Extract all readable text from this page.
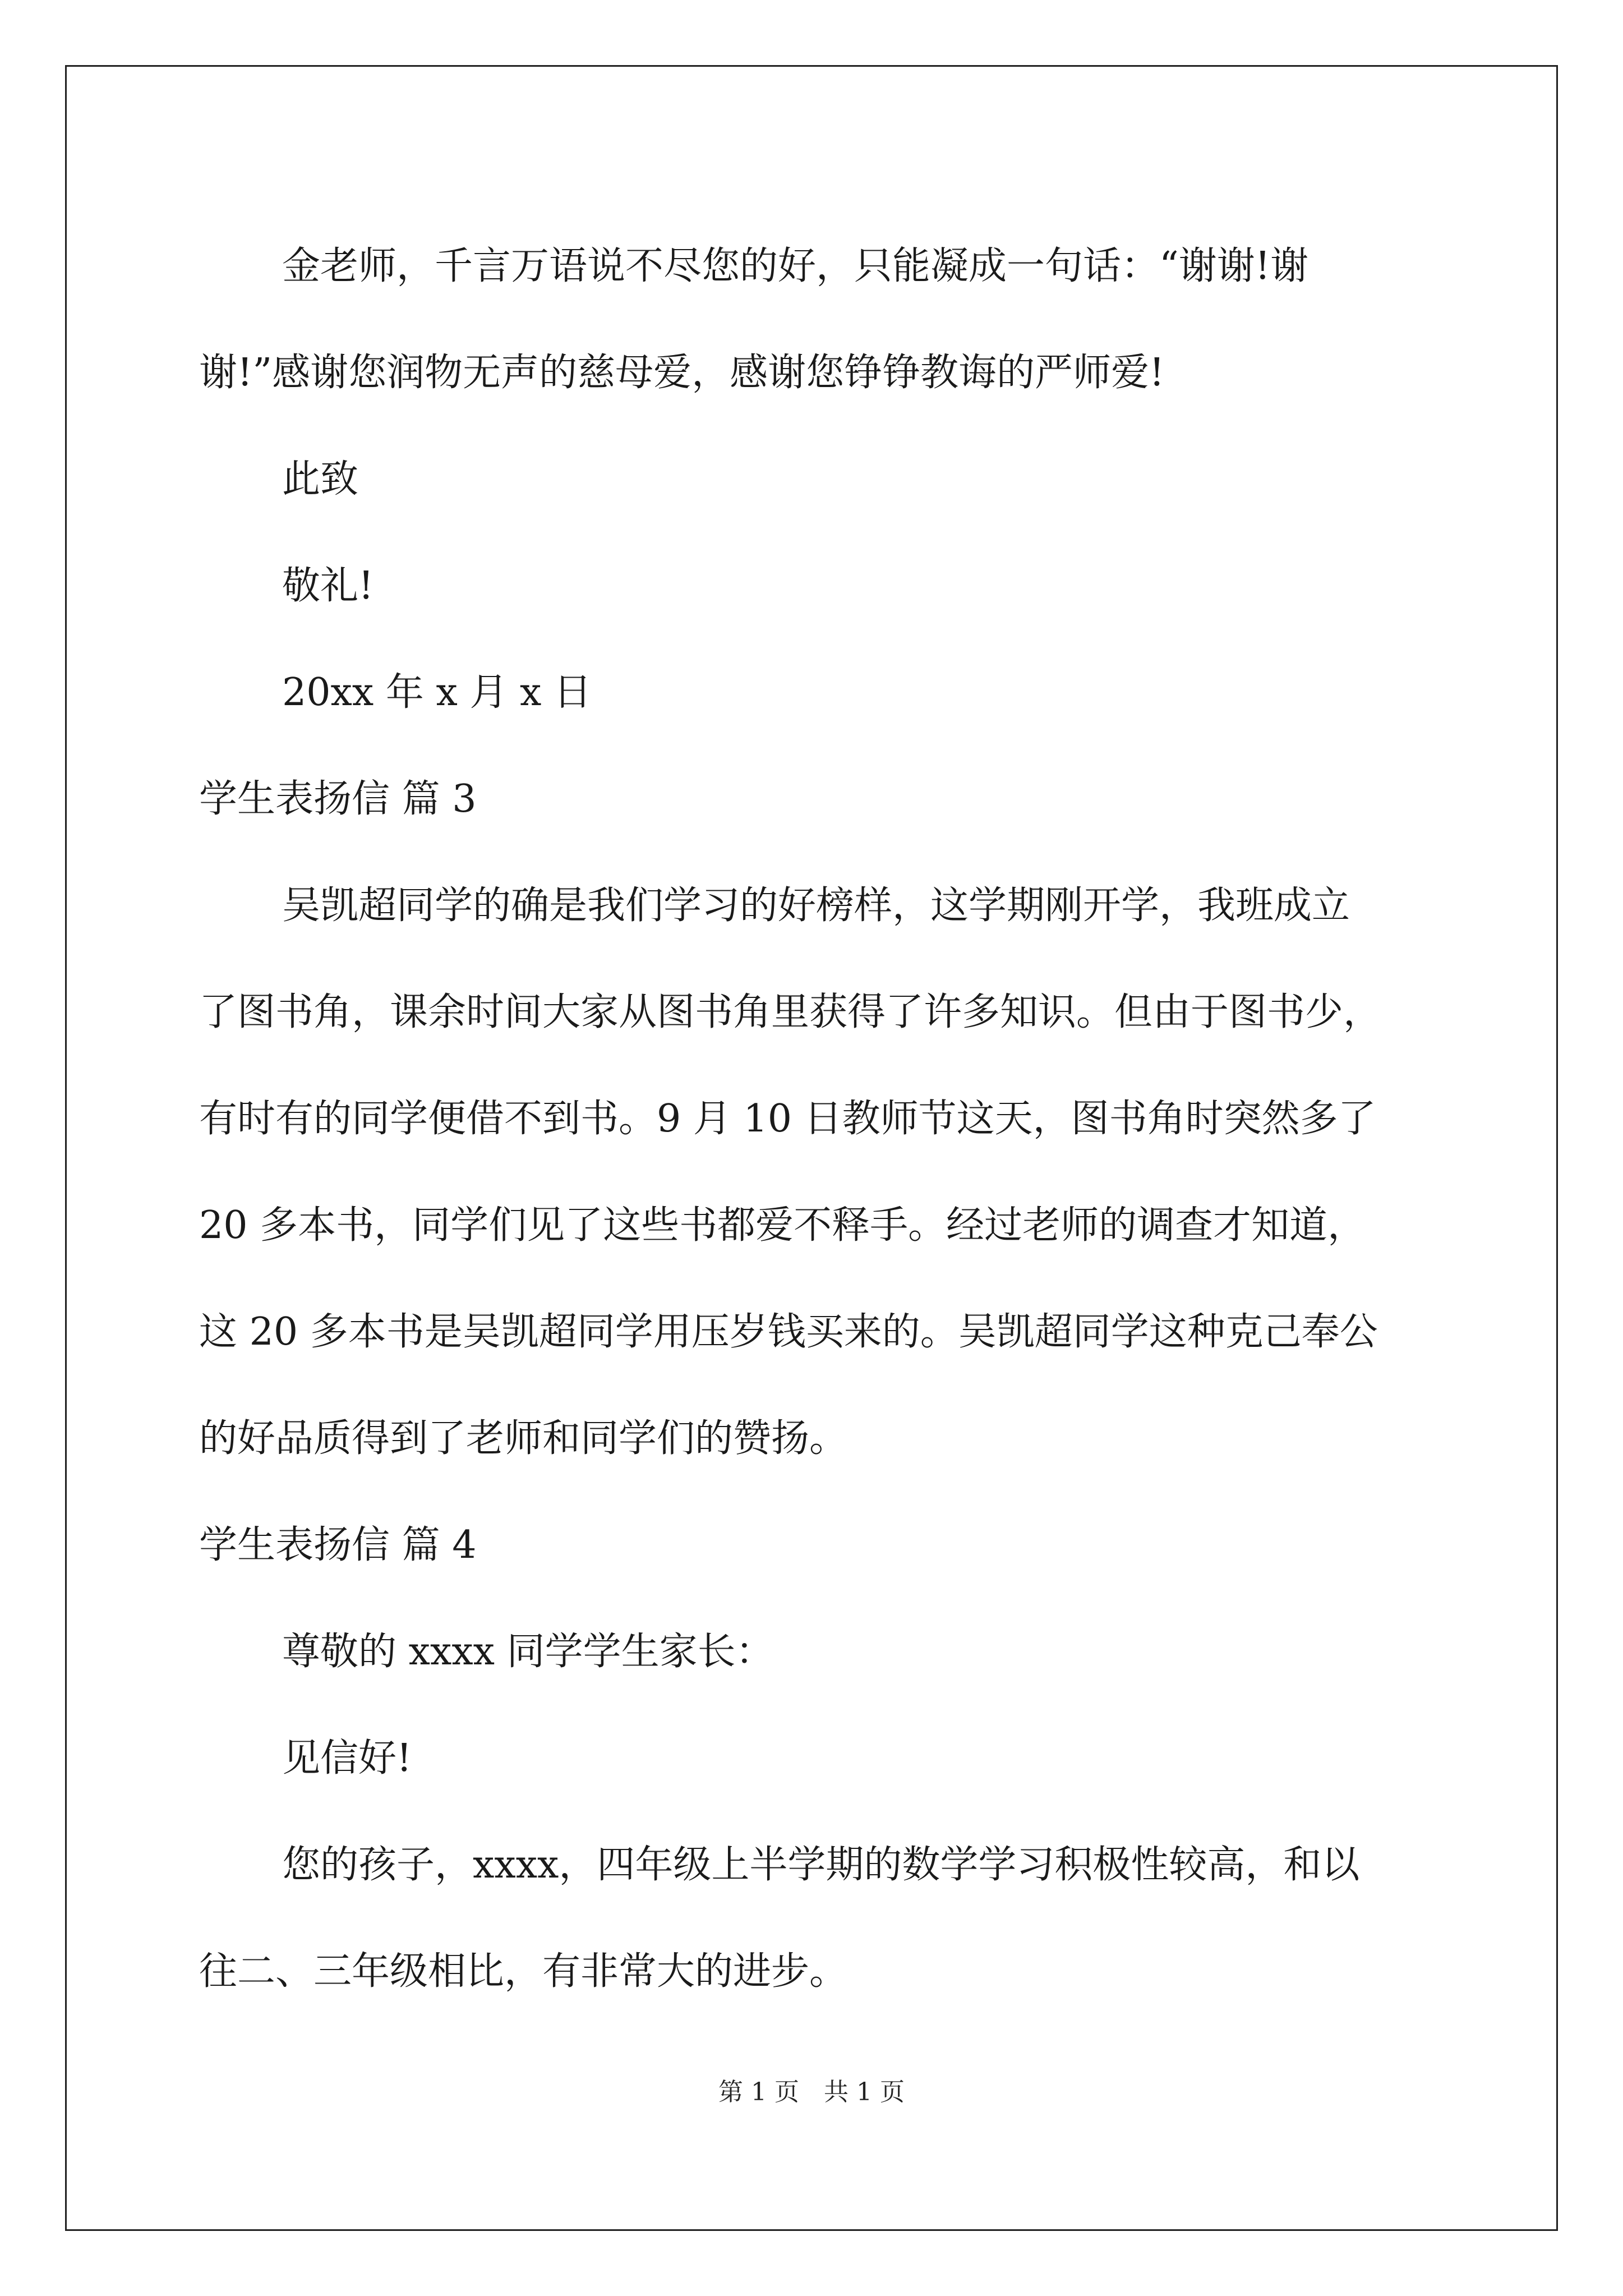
金老师，千言万语说不尽您的好，只能凝成一句话：“谢谢!谢
谢!”感谢您润物无声的慈母爱，感谢您铮铮教诲的严师爱!
此致
敬礼!
20xx 年 x 月 x 日
学生表扬信 篇 3
吴凯超同学的确是我们学习的好榜样，这学期刚开学，我班成立
了图书角，课余时间大家从图书角里获得了许多知识。但由于图书少，
有时有的同学便借不到书。9 月 10 日教师节这天，图书角时突然多了
20 多本书，同学们见了这些书都爱不释手。经过老师的调查才知道，
这 20 多本书是吴凯超同学用压岁钱买来的。吴凯超同学这种克己奉公
的好品质得到了老师和同学们的赞扬。
学生表扬信 篇 4
尊敬的 xxxx 同学学生家长：
见信好!
您的孩子，xxxx，四年级上半学期的数学学习积极性较高，和以
往二、三年级相比，有非常大的进步。
第 1 页　共 1 页
